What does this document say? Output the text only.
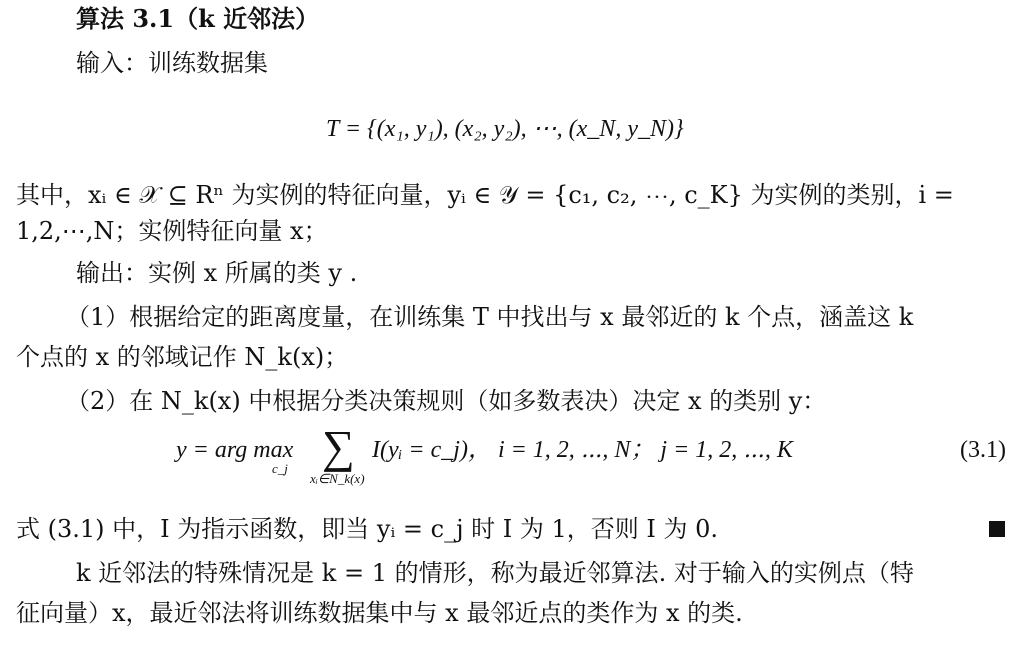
算法 3.1（k 近邻法）
输入：训练数据集
T = {(x₁, y₁), (x₂, y₂), ⋯, (x_N, y_N)}
其中，xᵢ ∈ 𝒳 ⊆ Rⁿ 为实例的特征向量，yᵢ ∈ 𝒴 = {c₁, c₂, ⋯, c_K} 为实例的类别，i =
1,2,⋯,N；实例特征向量 x；
输出：实例 x 所属的类 y .
（1）根据给定的距离度量，在训练集 T 中找出与 x 最邻近的 k 个点，涵盖这 k
个点的 x 的邻域记作 N_k(x)；
（2）在 N_k(x) 中根据分类决策规则（如多数表决）决定 x 的类别 y：
y = arg max
c_j ∑
xᵢ∈N_k(x)
I(yᵢ = c_j)， i = 1, 2, ⋯, N； j = 1, 2, ⋯, K	(3.1)
式 (3.1) 中，I 为指示函数，即当 yᵢ = c_j 时 I 为 1，否则 I 为 0.
k 近邻法的特殊情况是 k = 1 的情形，称为最近邻算法. 对于输入的实例点（特
征向量）x，最近邻法将训练数据集中与 x 最邻近点的类作为 x 的类.
